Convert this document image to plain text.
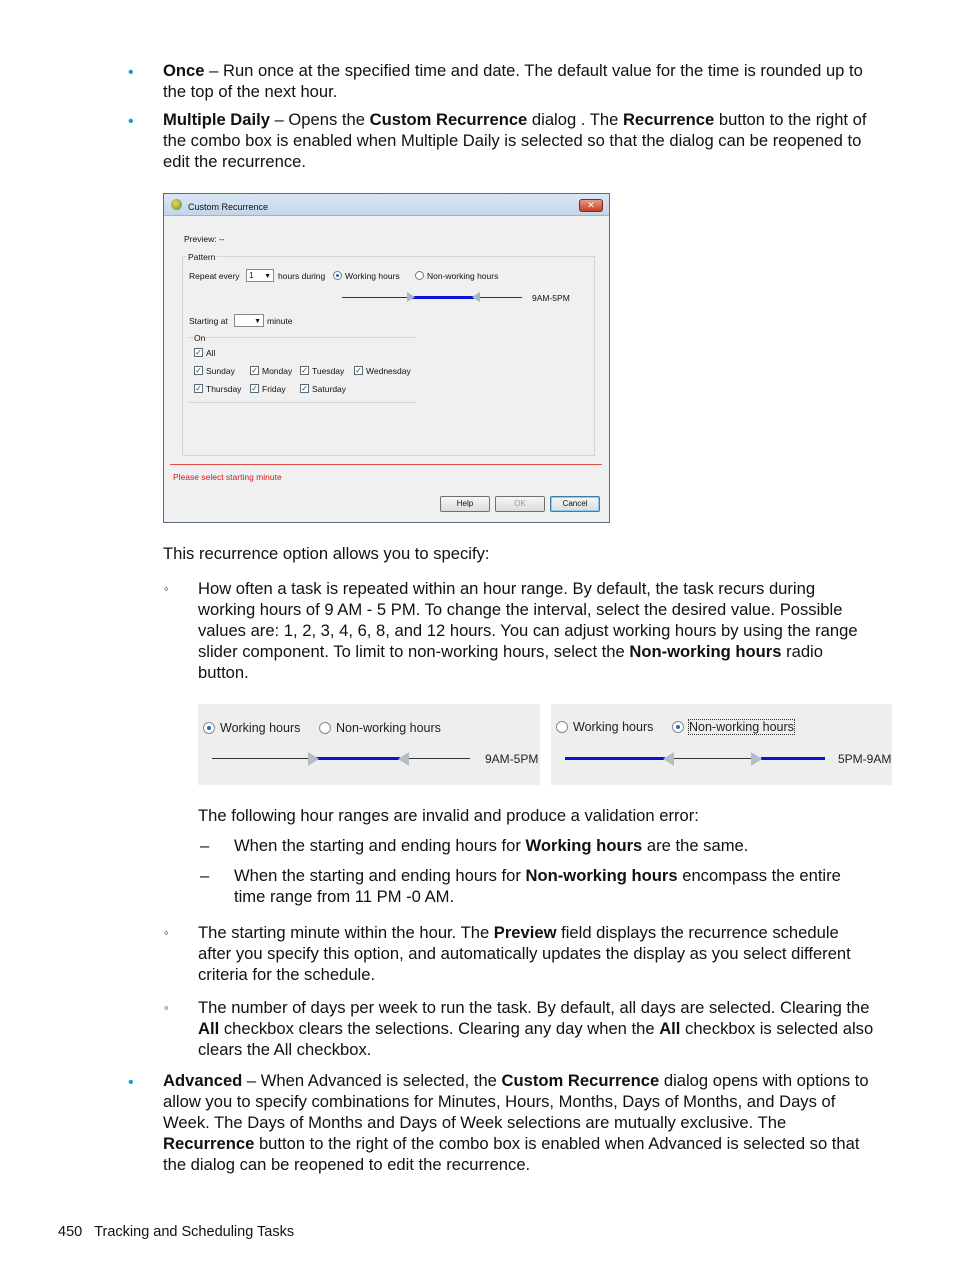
•	Once – Run once at the specified time and date. The default value for the time is rounded up to the top of the next hour.

•	Multiple Daily – Opens the Custom Recurrence dialog . The Recurrence button to the right of the combo box is enabled when Multiple Daily is selected so that the dialog can be reopened to edit the recurrence.

Custom Recurrence	✕
Preview: --
Pattern
Repeat every	1 ▼ hours during Working hours	Non-working hours
9AM-5PM
Starting at	▼ minute
On
✓ All
✓ Sunday ✓ Monday ✓ Tuesday ✓ Wednesday
✓ Thursday ✓ Friday ✓ Saturday
Please select starting minute
Help	OK	Cancel

This recurrence option allows you to specify:

◦ How often a task is repeated within an hour range. By default, the task recurs during working hours of 9 AM - 5 PM. To change the interval, select the desired value. Possible values are: 1, 2, 3, 4, 6, 8, and 12 hours. You can adjust working hours by using the range slider component. To limit to non-working hours, select the Non-working hours radio button.

Working hours	Non-working hours
9AM-5PM
Working hours	Non-working hours
5PM-9AM

The following hour ranges are invalid and produce a validation error:

– When the starting and ending hours for Working hours are the same.

– When the starting and ending hours for Non-working hours encompass the entire time range from 11 PM -0 AM.

◦ The starting minute within the hour. The Preview field displays the recurrence schedule after you specify this option, and automatically updates the display as you select different criteria for the schedule.

◦ The number of days per week to run the task. By default, all days are selected. Clearing the All checkbox clears the selections. Clearing any day when the All checkbox is selected also clears the All checkbox.

•	Advanced – When Advanced is selected, the Custom Recurrence dialog opens with options to allow you to specify combinations for Minutes, Hours, Months, Days of Months, and Days of Week. The Days of Months and Days of Week selections are mutually exclusive. The Recurrence button to the right of the combo box is enabled when Advanced is selected so that the dialog can be reopened to edit the recurrence.

450 Tracking and Scheduling Tasks
